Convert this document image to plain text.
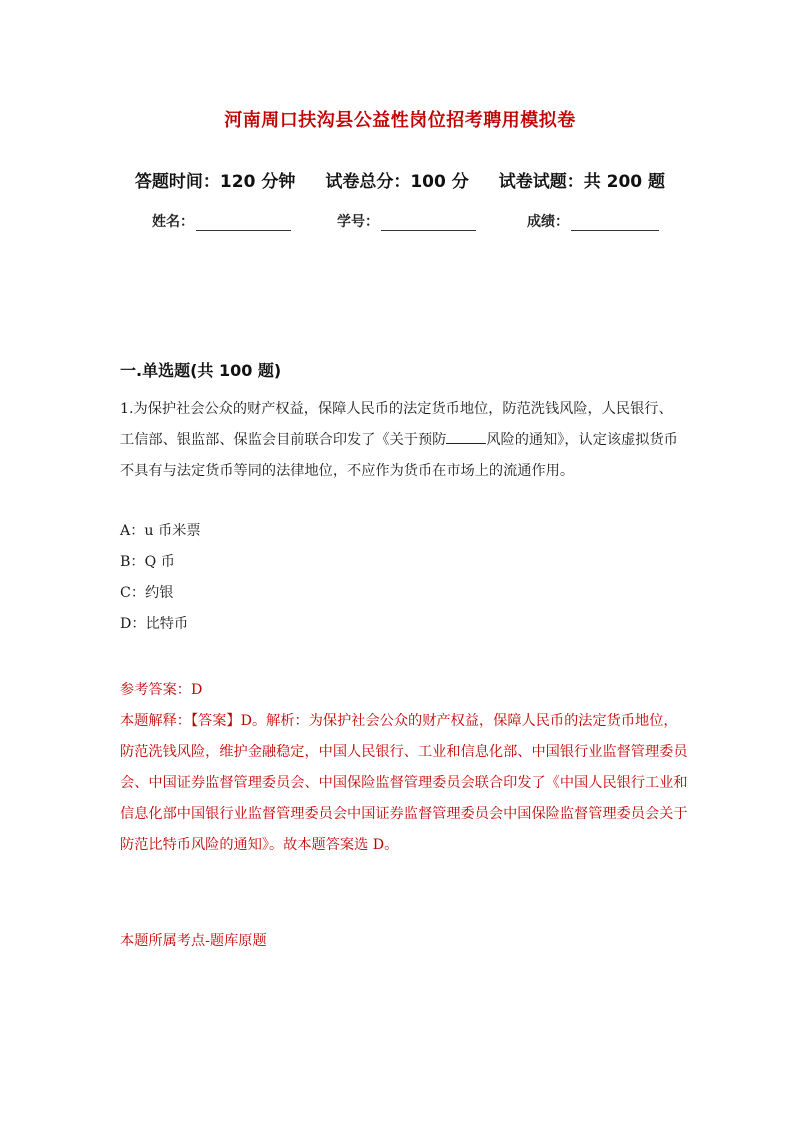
河南周口扶沟县公益性岗位招考聘用模拟卷
答题时间：120 分钟 试卷总分：100 分 试卷试题：共 200 题
姓名：	学号：	成绩：
一.单选题(共 100 题)
1.为保护社会公众的财产权益，保障人民币的法定货币地位，防范洗钱风险，人民银行、工信部、银监部、保监会目前联合印发了《关于预防	风险的通知》，认定该虚拟货币不具有与法定货币等同的法律地位，不应作为货币在市场上的流通作用。
A：u 币米票
B：Q 币
C：约银
D：比特币
参考答案：D
本题解释：【答案】D。解析：为保护社会公众的财产权益，保障人民币的法定货币地位，防范洗钱风险，维护金融稳定，中国人民银行、工业和信息化部、中国银行业监督管理委员会、中国证券监督管理委员会、中国保险监督管理委员会联合印发了《中国人民银行工业和信息化部中国银行业监督管理委员会中国证券监督管理委员会中国保险监督管理委员会关于防范比特币风险的通知》。故本题答案选 D。
本题所属考点-题库原题
